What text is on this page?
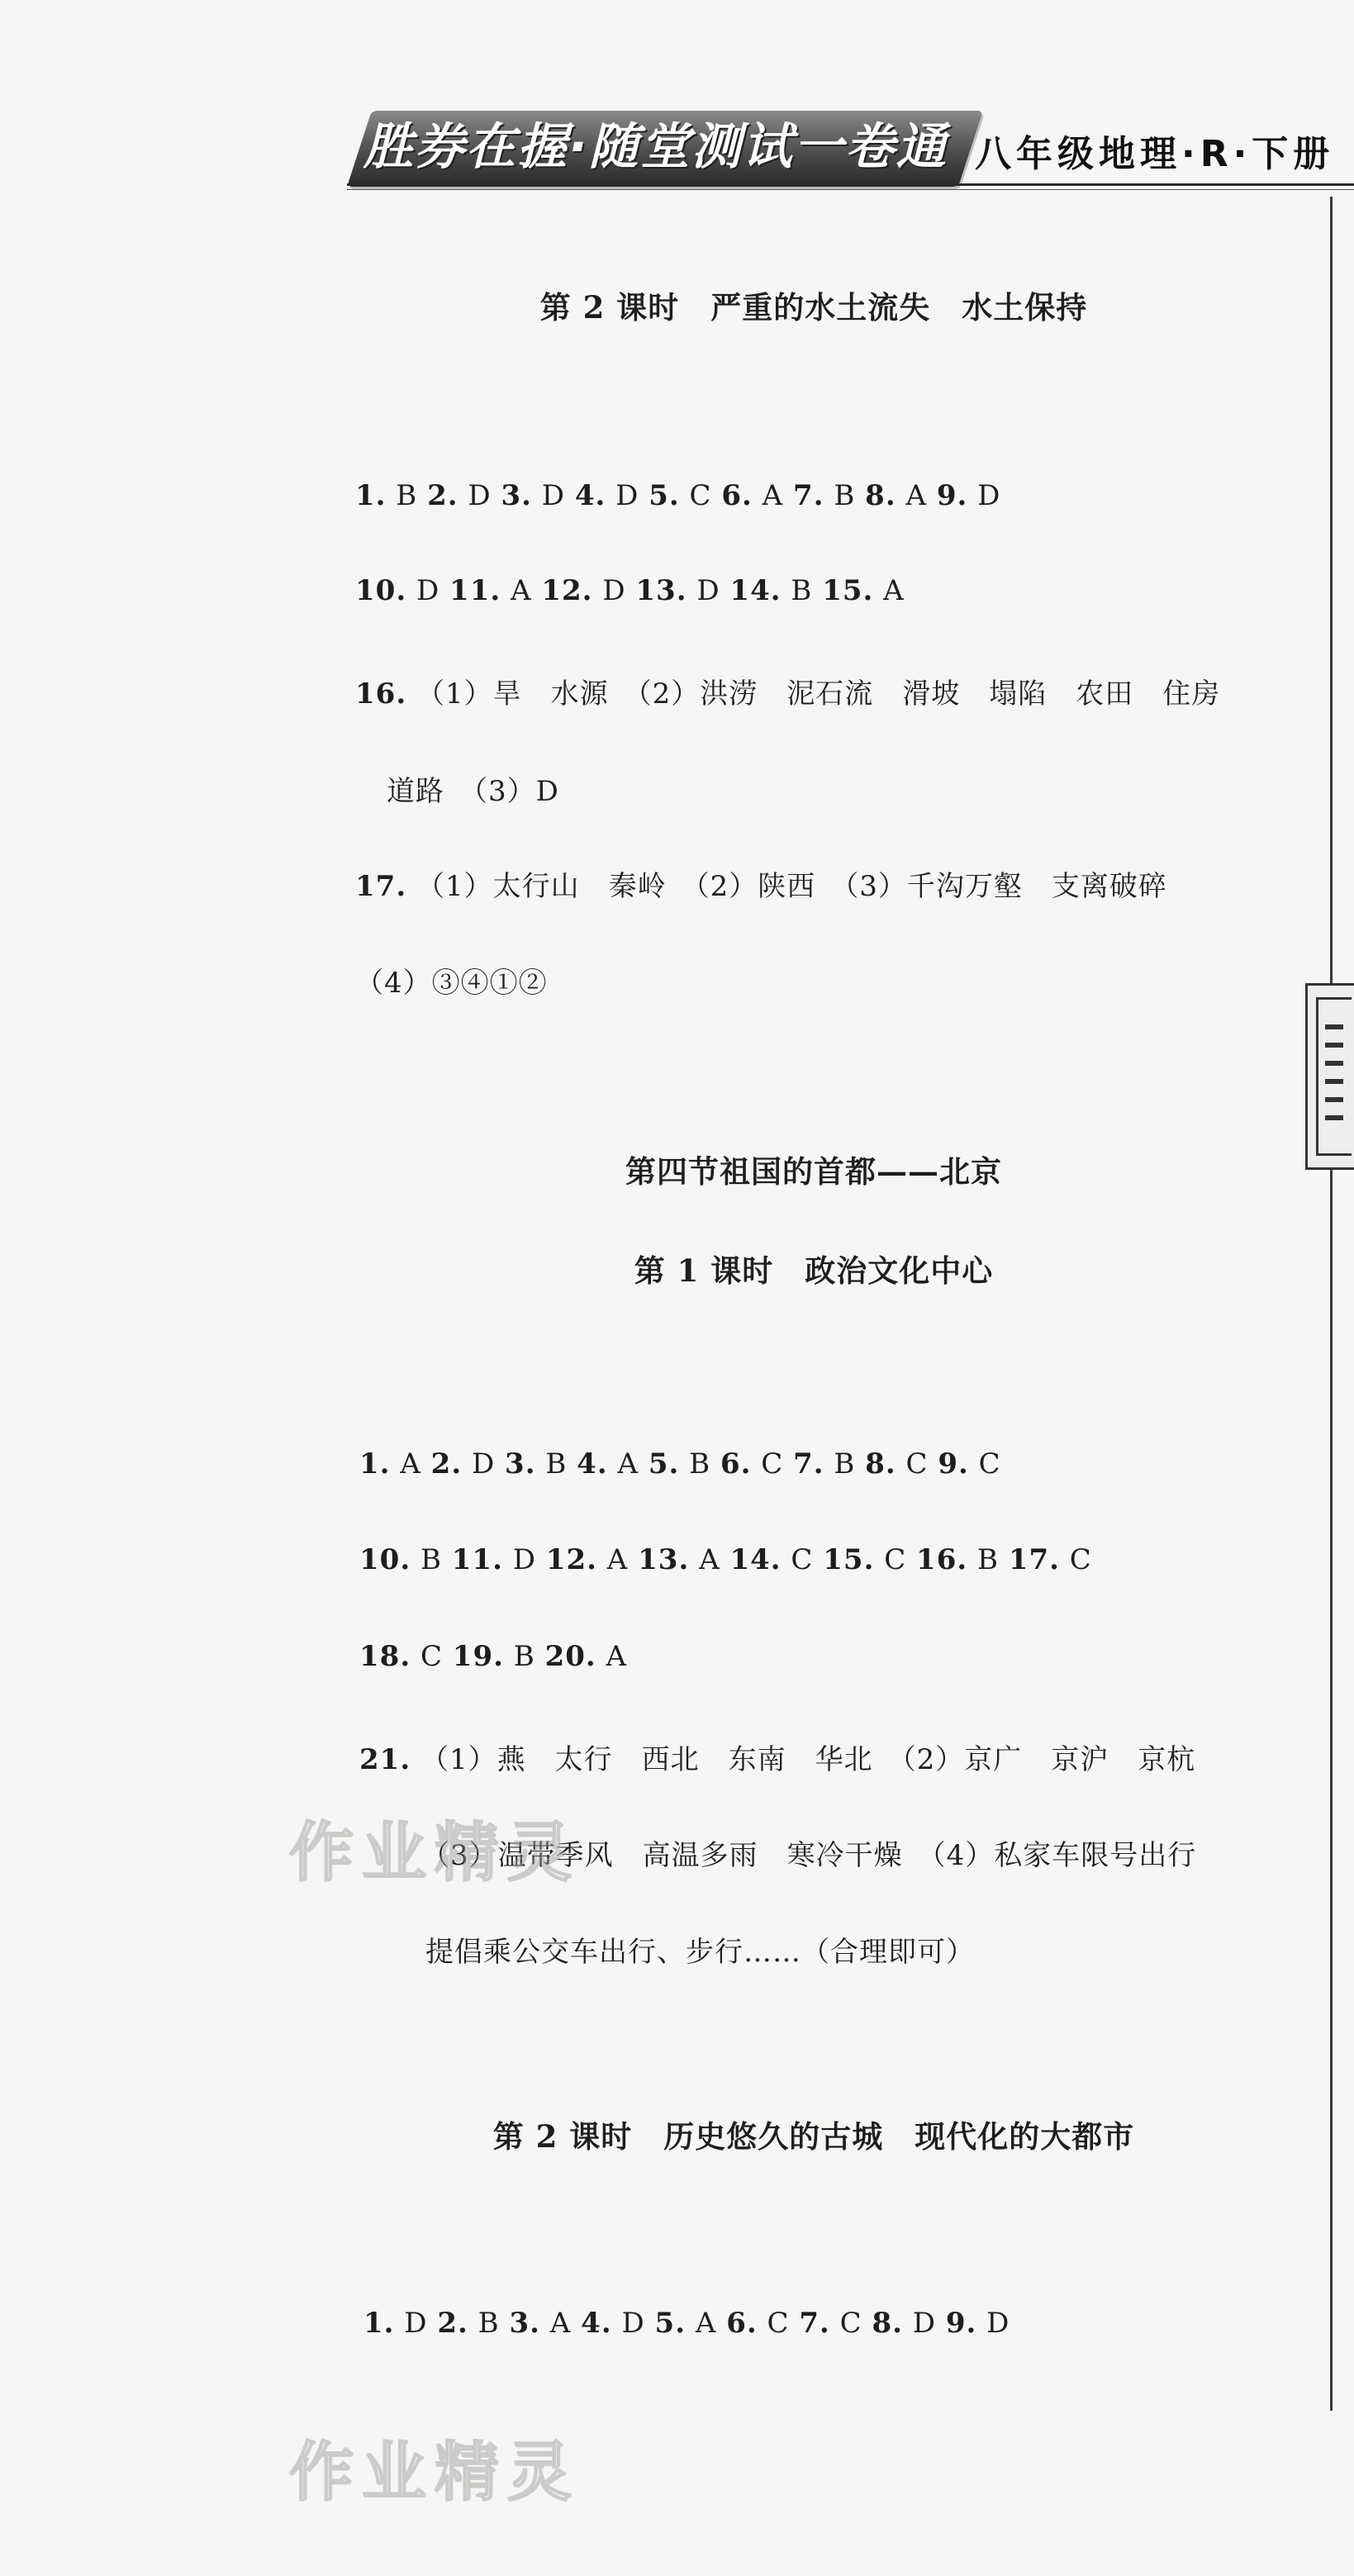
胜券在握·随堂测试一卷通 八年级地理·R·下册
第 2 课时　严重的水土流失　水土保持
第四节祖国的首都——北京
第 1 课时　政治文化中心
第 2 课时　历史悠久的古城　现代化的大都市
1. B 2. D 3. D 4. D 5. C 6. A 7. B 8. A 9. D
10. D 11. A 12. D 13. D 14. B 15. A
16. （1）旱　水源　（2）洪涝　泥石流　滑坡　塌陷　农田　住房
道路　（3）D
17. （1）太行山　秦岭　（2）陕西　（3）千沟万壑　支离破碎
（4）③④①②
1. A 2. D 3. B 4. A 5. B 6. C 7. B 8. C 9. C
10. B 11. D 12. A 13. A 14. C 15. C 16. B 17. C
18. C 19. B 20. A
21. （1）燕　太行　西北　东南　华北　（2）京广　京沪　京杭
（3）温带季风　高温多雨　寒冷干燥　（4）私家车限号出行
提倡乘公交车出行、步行……（合理即可）
1. D 2. B 3. A 4. D 5. A 6. C 7. C 8. D 9. D
作业精灵
作业精灵
